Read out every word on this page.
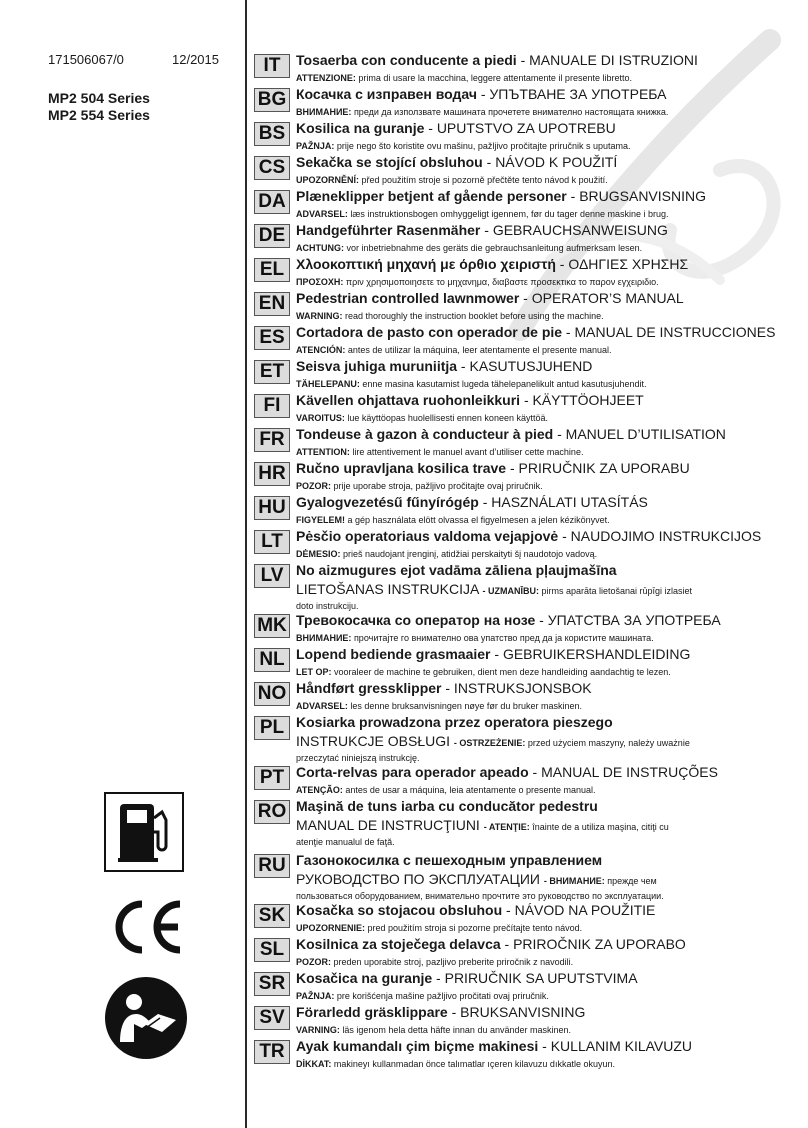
171506067/0	12/2015
MP2 504 Series
MP2 554 Series
IT	Tosaerba con conducente a piedi - MANUALE DI ISTRUZIONI
ATTENZIONE: prima di usare la macchina, leggere attentamente il presente libretto.
BG Косачка с изправен водач - УПЪТВАНЕ ЗА УПОТРЕБА
ВНИМАНИЕ: преди да използвате машината прочетете внимателно настоящата книжка.
BS Kosilica na guranje - UPUTSTVO ZA UPOTREBU
PAŽNJA: prije nego što koristite ovu mašinu, pažljivo pročitajte priručnik s uputama.
CS Sekačka se stojící obsluhou - NÁVOD K POUŽITÍ
UPOZORNĚNÍ: před použitím stroje si pozorně přečtěte tento návod k použití.
DA Plæneklipper betjent af gående personer - BRUGSANVISNING
ADVARSEL: læs instruktionsbogen omhyggeligt igennem, før du tager denne maskine i brug.
DE Handgeführter Rasenmäher - GEBRAUCHSANWEISUNG
ACHTUNG: vor inbetriebnahme des geräts die gebrauchsanleitung aufmerksam lesen.
EL Χλοοκοπτική μηχανή με όρθιο χειριστή - ΟΔΗΓΙΕΣ ΧΡΗΣΗΣ
ΠΡΟΣΟΧΗ: πριν χρησιμοποιησετε το μηχανημα, διαβαστε προσεκτικα το παρον εγχειριδιο.
EN Pedestrian controlled lawnmower - OPERATOR’S MANUAL
WARNING: read thoroughly the instruction booklet before using the machine.
ES Cortadora de pasto con operador de pie - MANUAL DE INSTRUCCIONES
ATENCIÓN: antes de utilizar la máquina, leer atentamente el presente manual.
ET Seisva juhiga muruniitja - KASUTUSJUHEND
TÄHELEPANU: enne masina kasutamist lugeda tähelepanelikult antud kasutusjuhendit.
FI	Kävellen ohjattava ruohonleikkuri - KÄYTTÖOHJEET
VAROITUS: lue käyttöopas huolellisesti ennen koneen käyttöä.
FR Tondeuse à gazon à conducteur à pied - MANUEL D’UTILISATION
ATTENTION: lire attentivement le manuel avant d’utiliser cette machine.
HR Ručno upravljana kosilica trave - PRIRUČNIK ZA UPORABU
POZOR: prije uporabe stroja, pažljivo pročitajte ovaj priručnik.
HU Gyalogvezetésű fűnyírógép - HASZNÁLATI UTASÍTÁS
FIGYELEM! a gép használata elött olvassa el figyelmesen a jelen kézikönyvet.
LT Pėsčio operatoriaus valdoma vejapjovė - NAUDOJIMO INSTRUKCIJOS
DĖMESIO: prieš naudojant įrenginį, atidžiai perskaityti šį naudotojo vadovą.
LV No aizmugures ejot vadāma zāliena pļaujmašīna
LIETOŠANAS INSTRUKCIJA - UZMANĪBU: pirms aparāta lietošanai rūpīgi izlasiet
doto instrukciju.
MK Тревокосачка со оператор на нозе - УПАТСТВА ЗА УПОТРЕБА
ВНИМАНИЕ: прочитајте го внимателно ова упатство пред да ја користите машината.
NL Lopend bediende grasmaaier - GEBRUIKERSHANDLEIDING
LET OP: vooraleer de machine te gebruiken, dient men deze handleiding aandachtig te lezen.
NO Håndført gressklipper - INSTRUKSJONSBOK
ADVARSEL: les denne bruksanvisningen nøye før du bruker maskinen.
PL Kosiarka prowadzona przez operatora pieszego
INSTRUKCJE OBSŁUGI - OSTRZEŻENIE: przed użyciem maszyny, należy uważnie
przeczytać niniejszą instrukcję.
PT Corta-relvas para operador apeado - MANUAL DE INSTRUÇÕES
ATENÇÃO: antes de usar a máquina, leia atentamente o presente manual.
RO Maşină de tuns iarba cu conducător pedestru
MANUAL DE INSTRUCŢIUNI - ATENŢIE: înainte de a utiliza maşina, citiţi cu
atenţie manualul de faţă.
RU Газонокосилка с пешеходным управлением
РУКОВОДСТВО ПО ЭКСПЛУАТАЦИИ - ВНИМАНИЕ: прежде чем
пользоваться оборудованием, внимательно прочтите это руководство по эксплуатации.
SK Kosačka so stojacou obsluhou - NÁVOD NA POUŽITIE
UPOZORNENIE: pred použitím stroja si pozorne prečítajte tento návod.
SL Kosilnica za stoječega delavca - PRIROČNIK ZA UPORABO
POZOR: preden uporabite stroj, pazljivo preberite priročnik z navodili.
SR Kosačica na guranje - PRIRUČNIK SA UPUTSTVIMA
PAŽNJA: pre korišćenja mašine pažljivo pročitati ovaj priručnik.
SV Förarledd gräsklippare - BRUKSANVISNING
VARNING: läs igenom hela detta häfte innan du använder maskinen.
TR Ayak kumandalı çim biçme makinesi - KULLANIM KILAVUZU
DİKKAT: makineyı kullanmadan önce talımatlar ıçeren kilavuzu dıkkatle okuyun.
